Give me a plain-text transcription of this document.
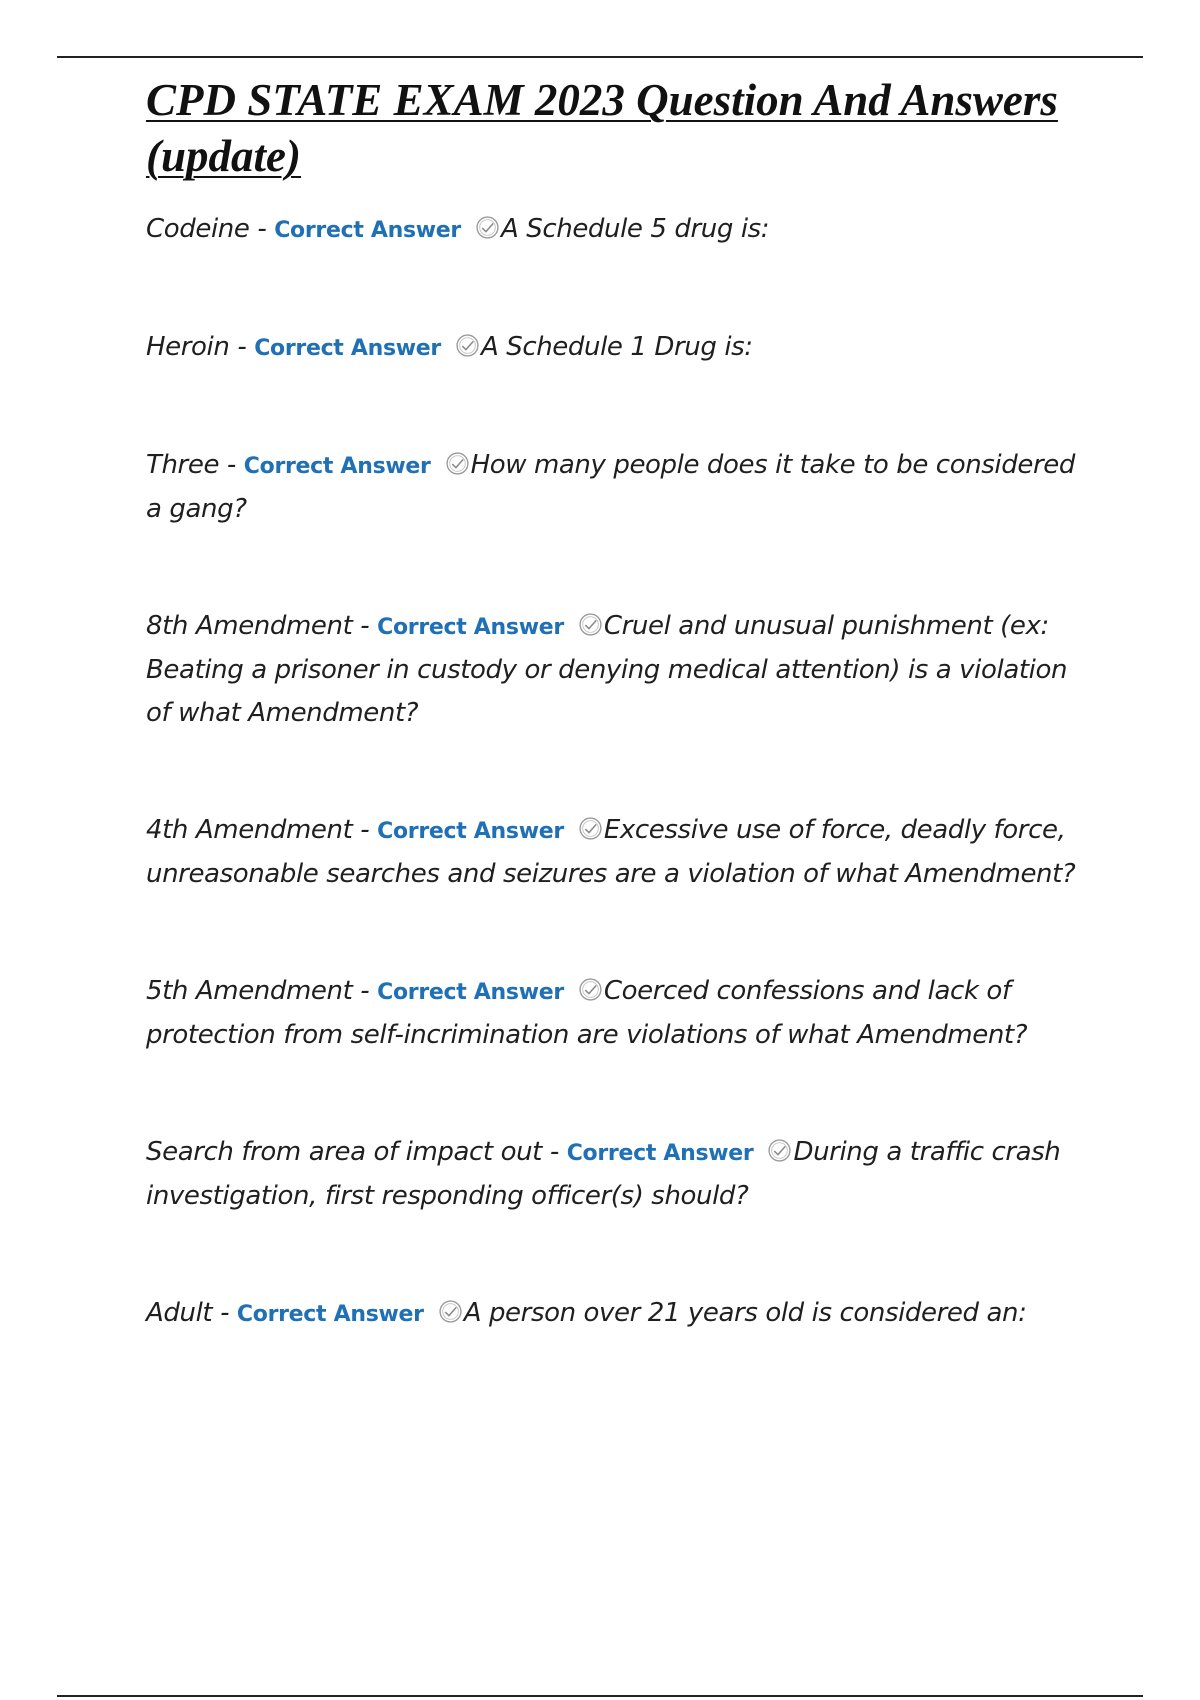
CPD STATE EXAM 2023 Question And Answers (update)
Codeine - Correct Answer A Schedule 5 drug is:
Heroin - Correct Answer A Schedule 1 Drug is:
Three - Correct Answer How many people does it take to be considered a gang?
8th Amendment - Correct Answer Cruel and unusual punishment (ex: Beating a prisoner in custody or denying medical attention) is a violation of what Amendment?
4th Amendment - Correct Answer Excessive use of force, deadly force, unreasonable searches and seizures are a violation of what Amendment?
5th Amendment - Correct Answer Coerced confessions and lack of protection from self-incrimination are violations of what Amendment?
Search from area of impact out - Correct Answer During a traffic crash investigation, first responding officer(s) should?
Adult - Correct Answer A person over 21 years old is considered an:
